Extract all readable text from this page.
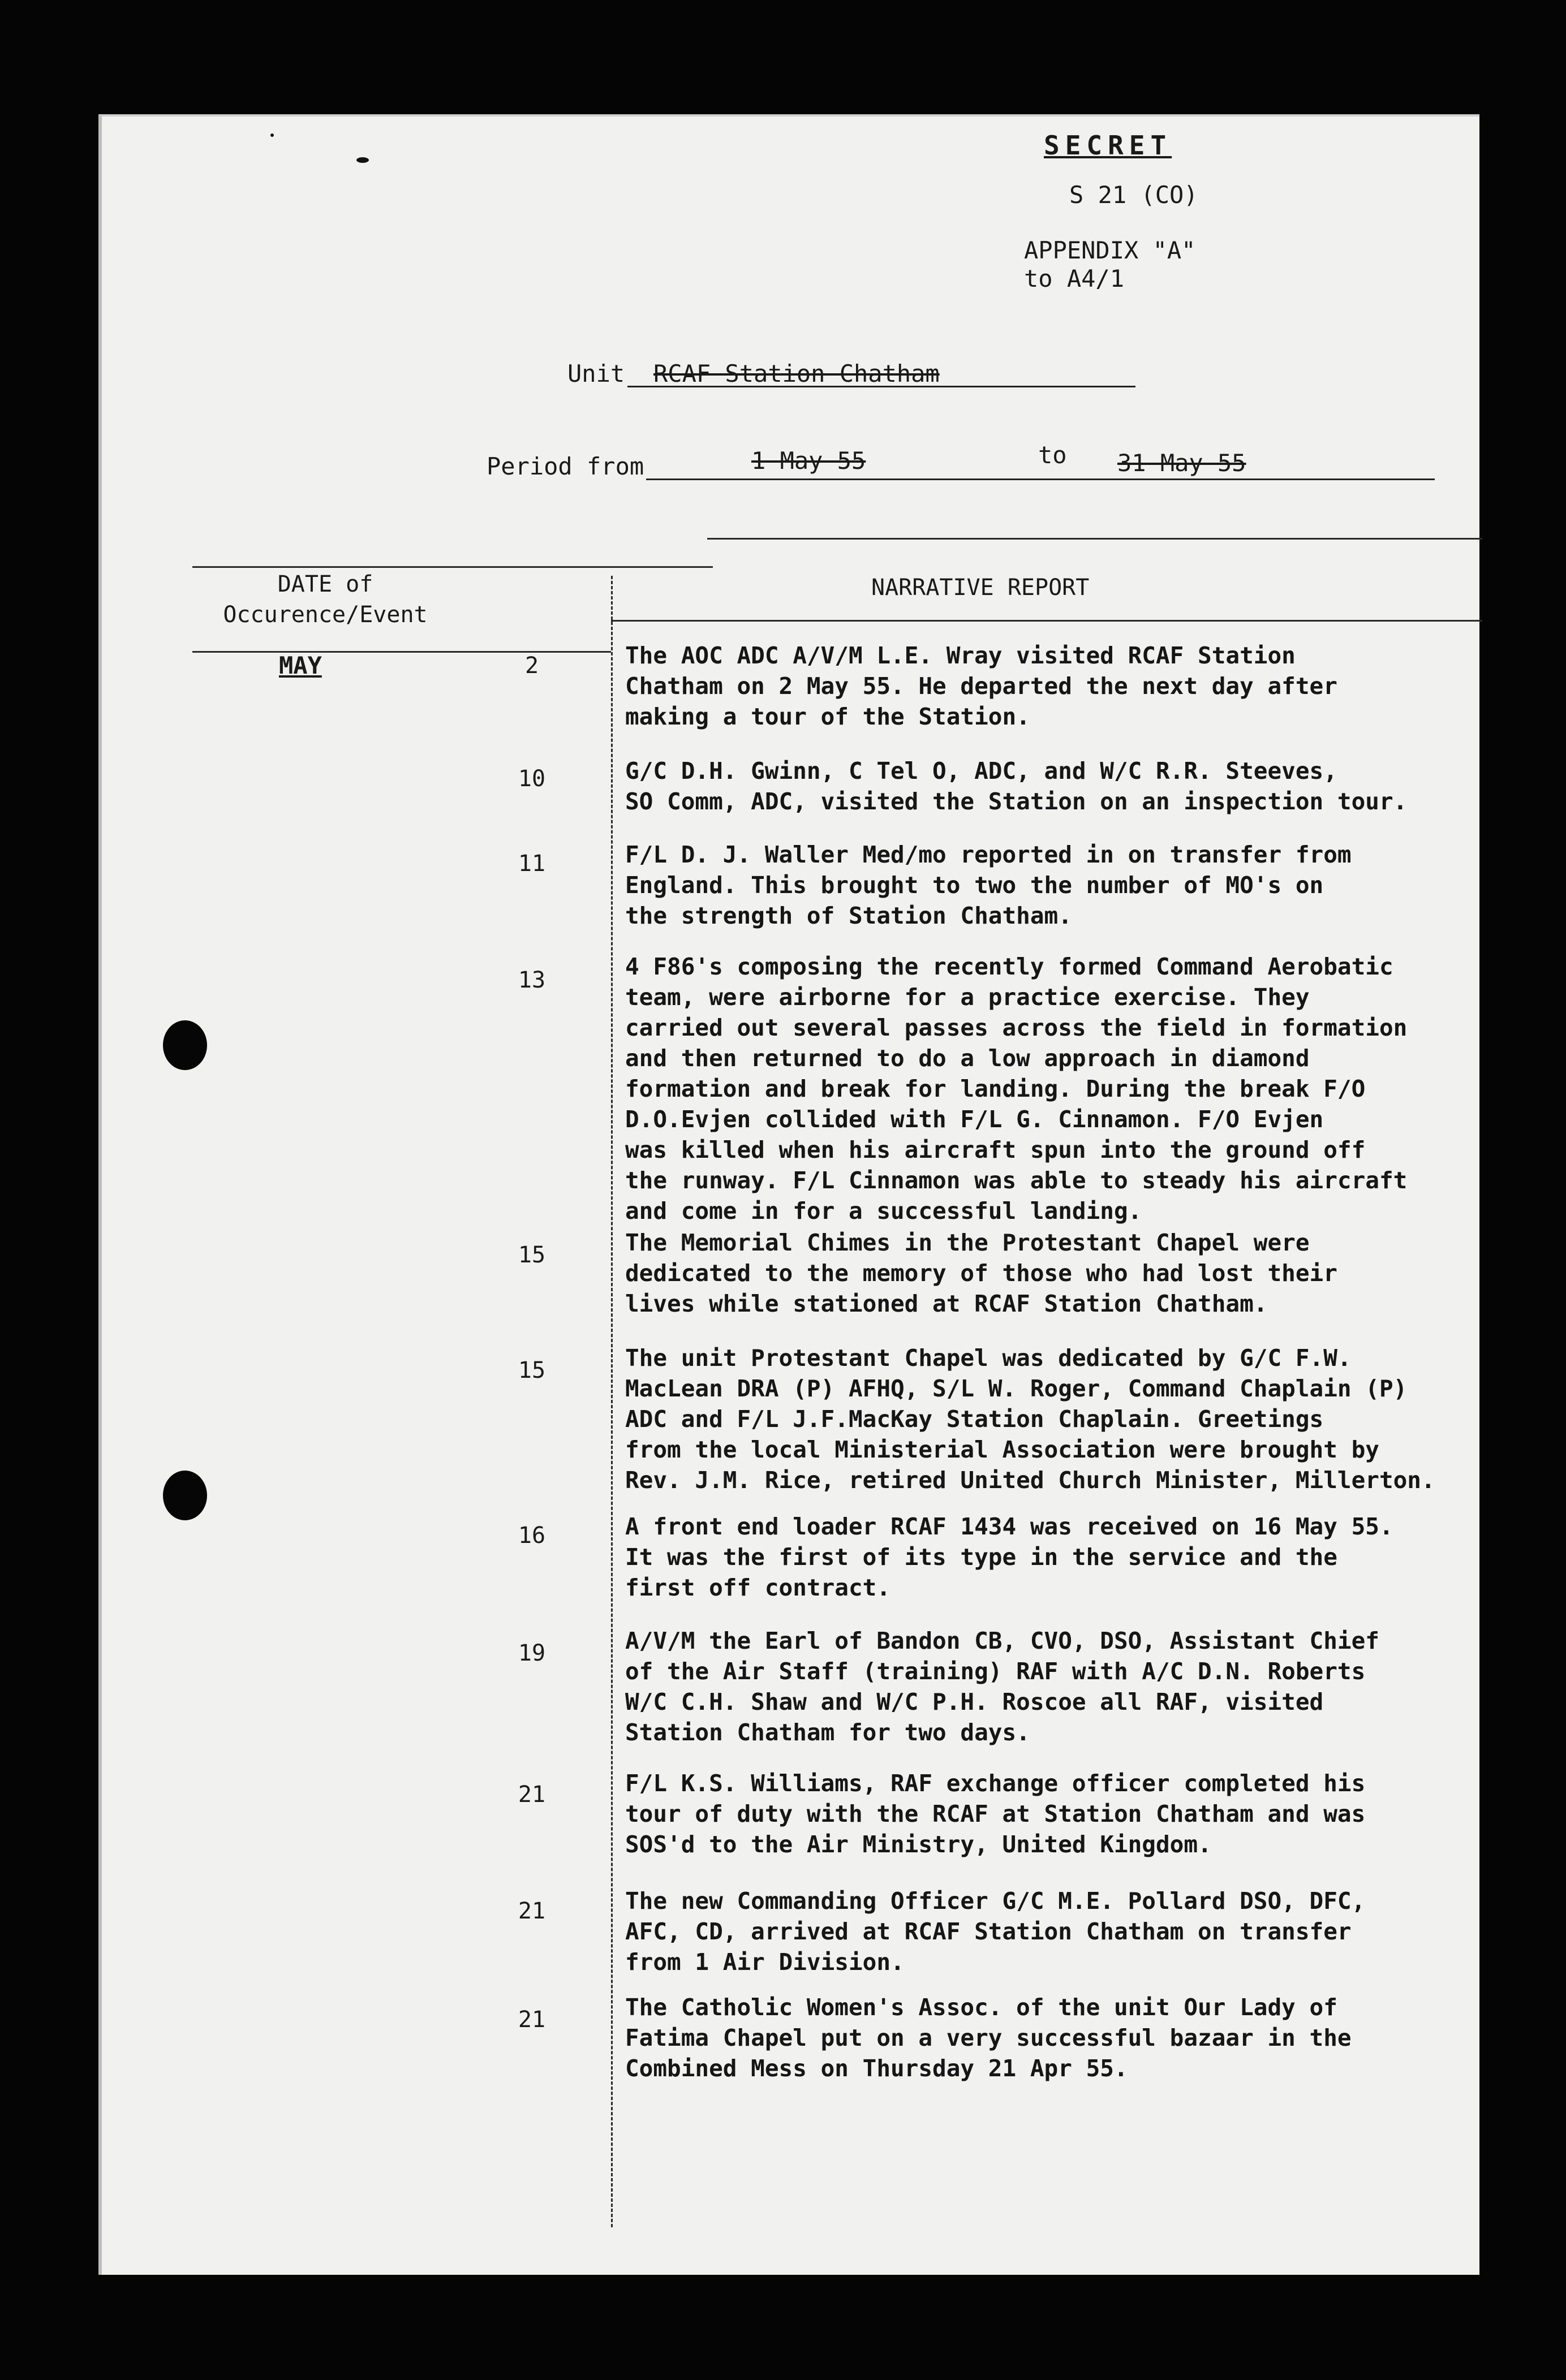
SECRET
S 21 (CO)
APPENDIX "A"
to A4/1
Unit RCAF Station Chatham
Period from	1 May 55	to 31 May 55
DATE of
Occurence/Event
NARRATIVE REPORT
MAY	2	The AOC ADC A/V/M L.E. Wray visited RCAF Station
Chatham on 2 May 55. He departed the next day after
making a tour of the Station.
10	G/C D.H. Gwinn, C Tel O, ADC, and W/C R.R. Steeves,
SO Comm, ADC, visited the Station on an inspection tour.
11	F/L D. J. Waller Med/mo reported in on transfer from
England. This brought to two the number of MO's on
the strength of Station Chatham.
13	4 F86's composing the recently formed Command Aerobatic
team, were airborne for a practice exercise. They
carried out several passes across the field in formation
and then returned to do a low approach in diamond
formation and break for landing. During the break F/O
D.O.Evjen collided with F/L G. Cinnamon. F/O Evjen
was killed when his aircraft spun into the ground off
the runway. F/L Cinnamon was able to steady his aircraft
and come in for a successful landing.
15	The Memorial Chimes in the Protestant Chapel were
dedicated to the memory of those who had lost their
lives while stationed at RCAF Station Chatham.
15	The unit Protestant Chapel was dedicated by G/C F.W.
MacLean DRA (P) AFHQ, S/L W. Roger, Command Chaplain (P)
ADC and F/L J.F.MacKay Station Chaplain. Greetings
from the local Ministerial Association were brought by
Rev. J.M. Rice, retired United Church Minister, Millerton.
16	A front end loader RCAF 1434 was received on 16 May 55.
It was the first of its type in the service and the
first off contract.
19	A/V/M the Earl of Bandon CB, CVO, DSO, Assistant Chief
of the Air Staff (training) RAF with A/C D.N. Roberts
W/C C.H. Shaw and W/C P.H. Roscoe all RAF, visited
Station Chatham for two days.
21	F/L K.S. Williams, RAF exchange officer completed his
tour of duty with the RCAF at Station Chatham and was
SOS'd to the Air Ministry, United Kingdom.
21	The new Commanding Officer G/C M.E. Pollard DSO, DFC,
AFC, CD, arrived at RCAF Station Chatham on transfer
from 1 Air Division.
21	The Catholic Women's Assoc. of the unit Our Lady of
Fatima Chapel put on a very successful bazaar in the
Combined Mess on Thursday 21 Apr 55.
